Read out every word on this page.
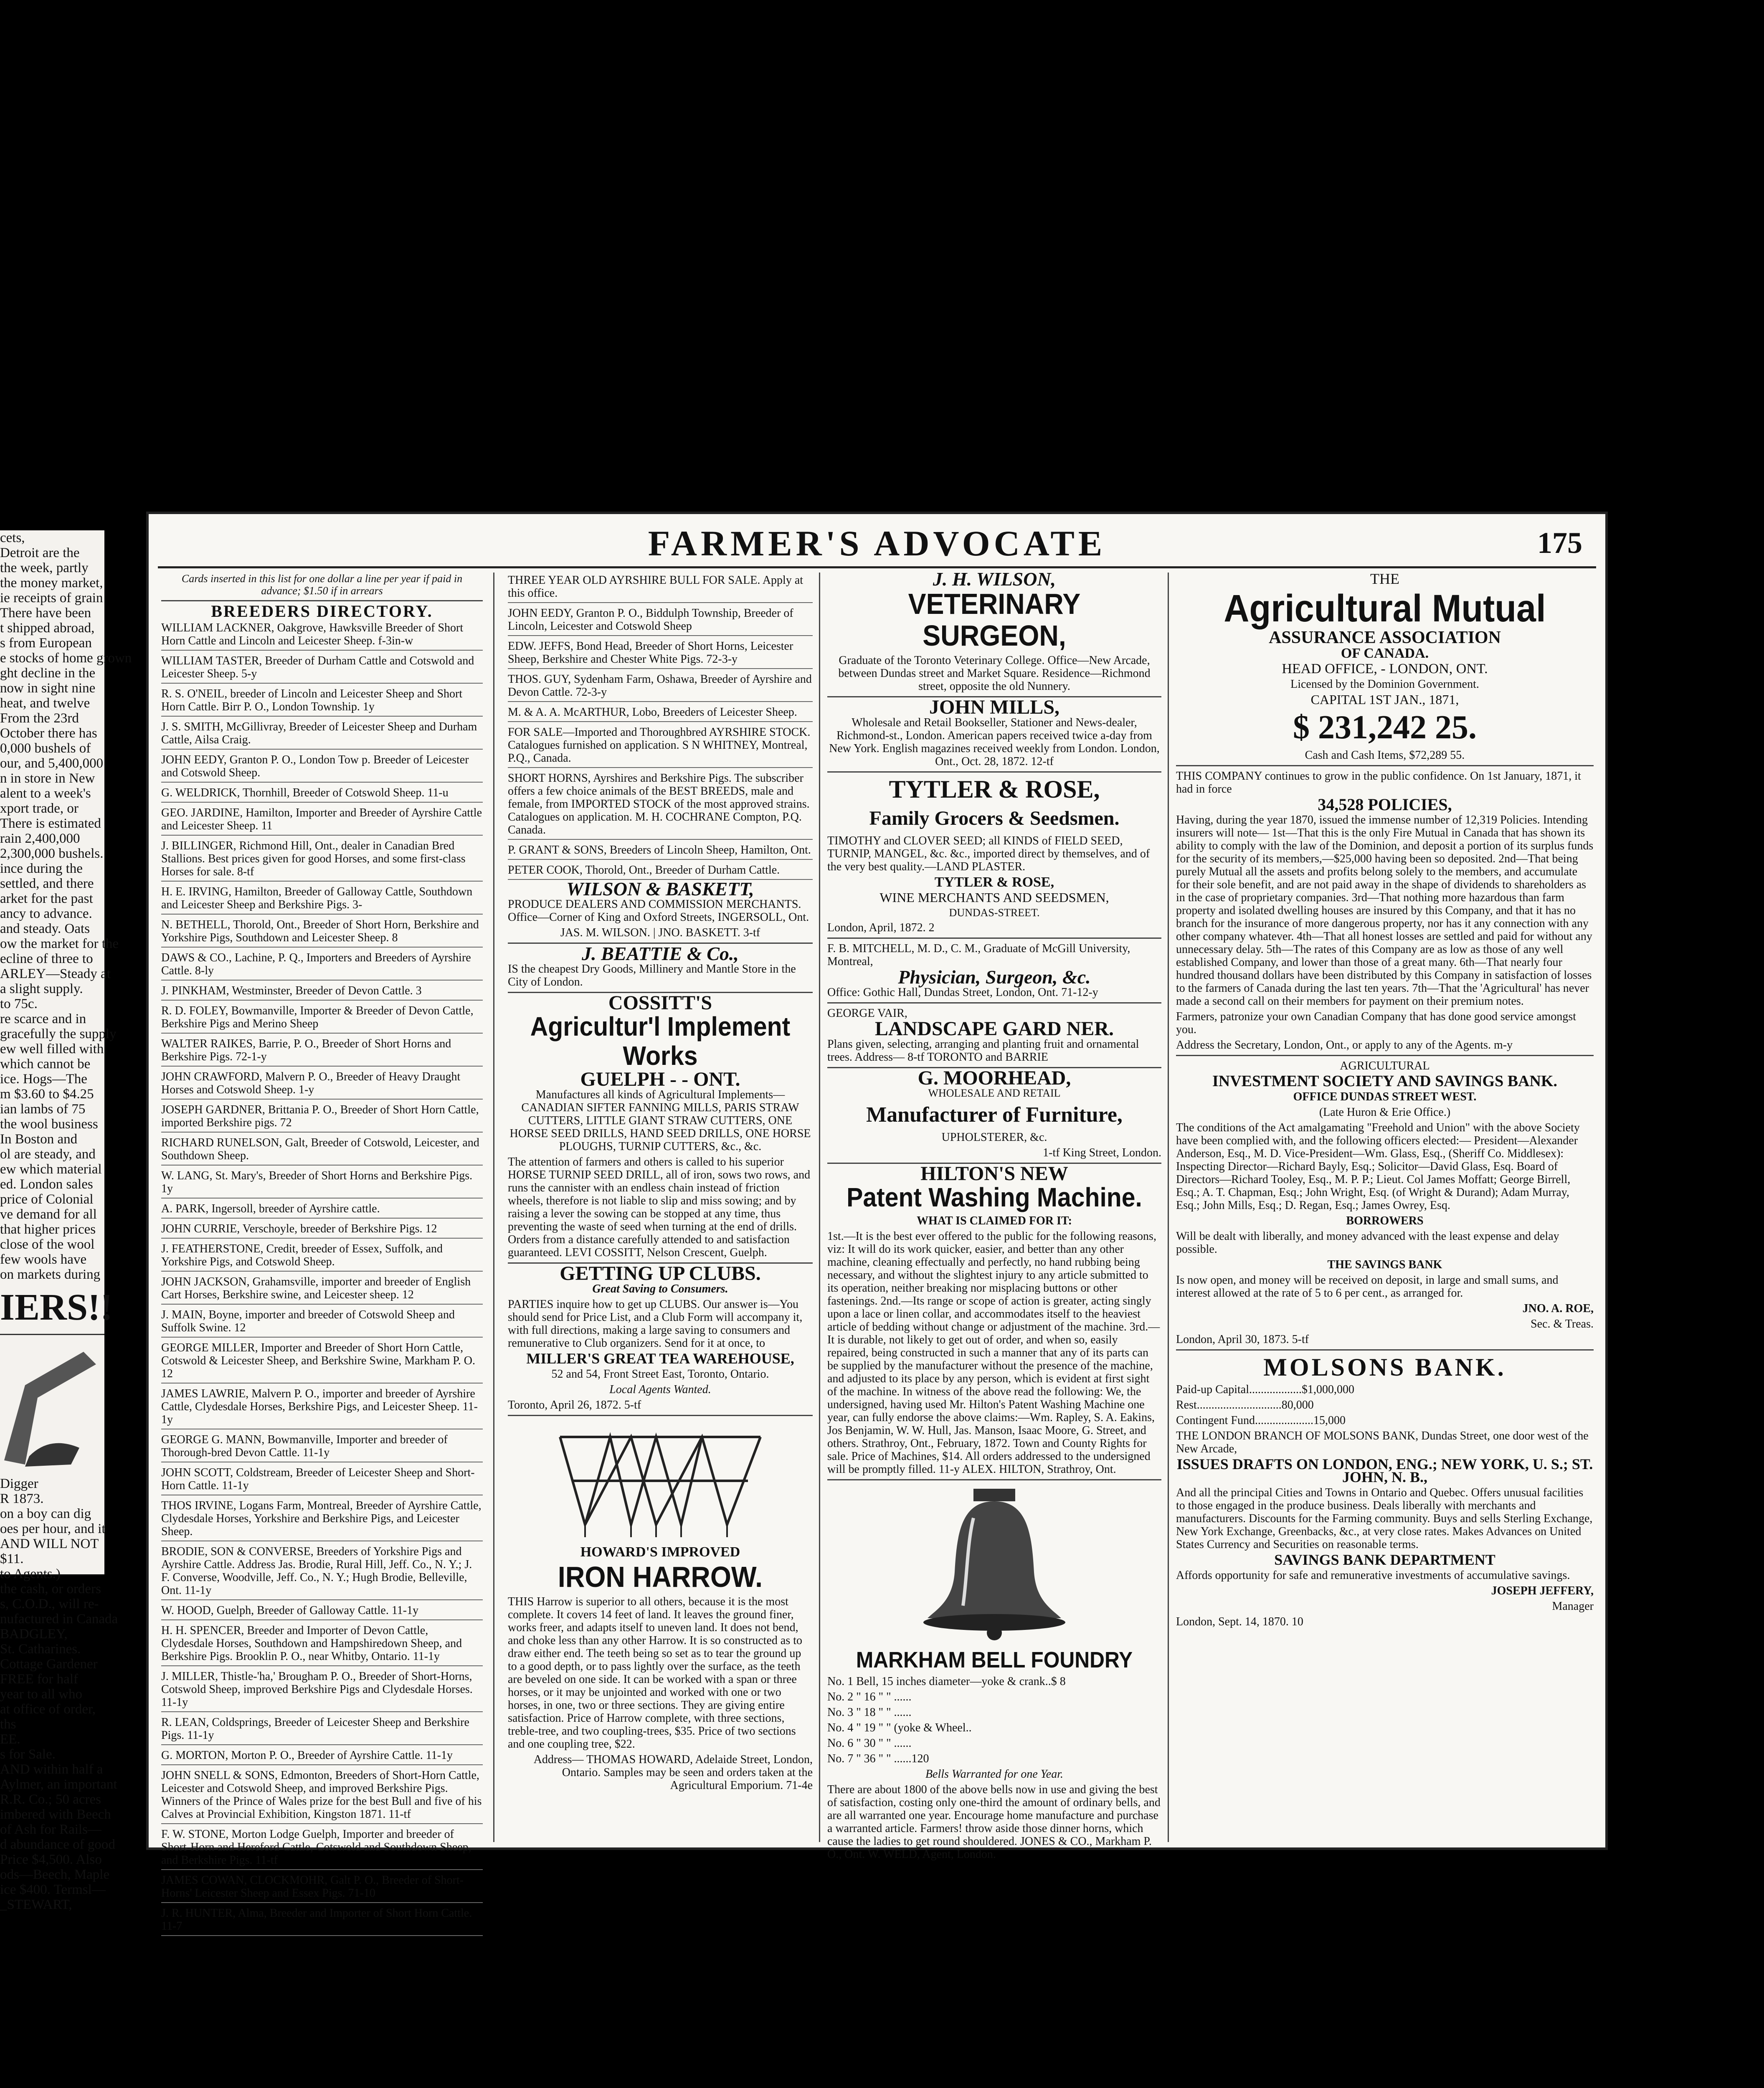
cets,

Detroit are the

the week, partly

the money market,

ie receipts of grain

There have been

t shipped abroad,

s from European

e stocks of home grown

ght decline in the

now in sight nine

heat, and twelve

From the 23rd

October there has

0,000 bushels of

our, and 5,400,000

n in store in New

alent to a week's

xport trade, or

There is estimated

rain 2,400,000

2,300,000 bushels.

ince during the

settled, and there

arket for the past

ancy to advance.

and steady. Oats

ow the market for the

ecline of three to

ARLEY—Steady at

a slight supply.

to 75c.

re scarce and in

gracefully the supply

ew well filled with

which cannot be

ice. Hogs—The

m $3.60 to $4.25

ian lambs of 75

the wool business

In Boston and

ol are steady, and

ew which material

ed. London sales

price of Colonial

ve demand for all

that higher prices

close of the wool

few wools have

on markets during

IERS!!

Digger

R 1873.

on a boy can dig

oes per hour, and it

AND WILL NOT

$11.

to Agents.)

the cash, or orders

s, C.O.D., will re-

nufactured in Canada

BADGLEY,

St. Catharines.

Cottage Gardener

FREE for half

year to all who

at office of order,

ths

EE.

s for Sale.

AND within half a

Aylmer, an important

R.R. Co.; 50 acres

imbered with Beech

of Ash for Rails—

d abundance of good

Price $4,500. Also

ods—Beech, Maple

ice $400. Termsl—

_STEWART,

FARMER'S ADVOCATE	175

Cards inserted in this list for one dollar a line per year if paid in advance; $1.50 if in arrears

BREEDERS DIRECTORY.

WILLIAM LACKNER, Oakgrove, Hawksville Breeder of Short Horn Cattle and Lincoln and Leicester Sheep. f-3in-w

WILLIAM TASTER, Breeder of Durham Cattle and Cotswold and Leicester Sheep. 5-y

R. S. O'NEIL, breeder of Lincoln and Leicester Sheep and Short Horn Cattle. Birr P. O., London Township. 1y

J. S. SMITH, McGillivray, Breeder of Leicester Sheep and Durham Cattle, Ailsa Craig.

JOHN EEDY, Granton P. O., London Tow p. Breeder of Leicester and Cotswold Sheep.

G. WELDRICK, Thornhill, Breeder of Cotswold Sheep. 11-u

GEO. JARDINE, Hamilton, Importer and Breeder of Ayrshire Cattle and Leicester Sheep. 11

J. BILLINGER, Richmond Hill, Ont., dealer in Canadian Bred Stallions. Best prices given for good Horses, and some first-class Horses for sale. 8-tf

H. E. IRVING, Hamilton, Breeder of Galloway Cattle, Southdown and Leicester Sheep and Berkshire Pigs. 3-

N. BETHELL, Thorold, Ont., Breeder of Short Horn, Berkshire and Yorkshire Pigs, Southdown and Leicester Sheep. 8

DAWS & CO., Lachine, P. Q., Importers and Breeders of Ayrshire Cattle. 8-ly

J. PINKHAM, Westminster, Breeder of Devon Cattle. 3

R. D. FOLEY, Bowmanville, Importer & Breeder of Devon Cattle, Berkshire Pigs and Merino Sheep

WALTER RAIKES, Barrie, P. O., Breeder of Short Horns and Berkshire Pigs. 72-1-y

JOHN CRAWFORD, Malvern P. O., Breeder of Heavy Draught Horses and Cotswold Sheep. 1-y

JOSEPH GARDNER, Brittania P. O., Breeder of Short Horn Cattle, imported Berkshire pigs. 72

RICHARD RUNELSON, Galt, Breeder of Cotswold, Leicester, and Southdown Sheep.

W. LANG, St. Mary's, Breeder of Short Horns and Berkshire Pigs. 1y

A. PARK, Ingersoll, breeder of Ayrshire cattle.

JOHN CURRIE, Verschoyle, breeder of Berkshire Pigs. 12

J. FEATHERSTONE, Credit, breeder of Essex, Suffolk, and Yorkshire Pigs, and Cotswold Sheep.

JOHN JACKSON, Grahamsville, importer and breeder of English Cart Horses, Berkshire swine, and Leicester sheep. 12

J. MAIN, Boyne, importer and breeder of Cotswold Sheep and Suffolk Swine. 12

GEORGE MILLER, Importer and Breeder of Short Horn Cattle, Cotswold & Leicester Sheep, and Berkshire Swine, Markham P. O. 12

JAMES LAWRIE, Malvern P. O., importer and breeder of Ayrshire Cattle, Clydesdale Horses, Berkshire Pigs, and Leicester Sheep. 11-1y

GEORGE G. MANN, Bowmanville, Importer and breeder of Thorough-bred Devon Cattle. 11-1y

JOHN SCOTT, Coldstream, Breeder of Leicester Sheep and Short-Horn Cattle. 11-1y

THOS IRVINE, Logans Farm, Montreal, Breeder of Ayrshire Cattle, Clydesdale Horses, Yorkshire and Berkshire Pigs, and Leicester Sheep.

BRODIE, SON & CONVERSE, Breeders of Yorkshire Pigs and Ayrshire Cattle. Address Jas. Brodie, Rural Hill, Jeff. Co., N. Y.; J. F. Converse, Woodville, Jeff. Co., N. Y.; Hugh Brodie, Belleville, Ont. 11-1y

W. HOOD, Guelph, Breeder of Galloway Cattle. 11-1y

H. H. SPENCER, Breeder and Importer of Devon Cattle, Clydesdale Horses, Southdown and Hampshiredown Sheep, and Berkshire Pigs. Brooklin P. O., near Whitby, Ontario. 11-1y

J. MILLER, Thistle-'ha,' Brougham P. O., Breeder of Short-Horns, Cotswold Sheep, improved Berkshire Pigs and Clydesdale Horses. 11-1y

R. LEAN, Coldsprings, Breeder of Leicester Sheep and Berkshire Pigs. 11-1y

G. MORTON, Morton P. O., Breeder of Ayrshire Cattle. 11-1y

JOHN SNELL & SONS, Edmonton, Breeders of Short-Horn Cattle, Leicester and Cotswold Sheep, and improved Berkshire Pigs. Winners of the Prince of Wales prize for the best Bull and five of his Calves at Provincial Exhibition, Kingston 1871. 11-tf

F. W. STONE, Morton Lodge Guelph, Importer and breeder of Short-Horn and Hereford Cattle, Cotswold and Southdown Sheep, and Berkshire Pigs. 11-tf

JAMES COWAN, CLOCKMOHR, Galt P. O., Breeder of Short-Horns' Leicester Sheep and Essex Pigs. 71-10

J. R. HUNTER, Alma, Breeder and Importer of Short Horn Cattle. 11-7

THREE YEAR OLD AYRSHIRE BULL FOR SALE. Apply at this office.

JOHN EEDY, Granton P. O., Biddulph Township, Breeder of Lincoln, Leicester and Cotswold Sheep

EDW. JEFFS, Bond Head, Breeder of Short Horns, Leicester Sheep, Berkshire and Chester White Pigs. 72-3-y

THOS. GUY, Sydenham Farm, Oshawa, Breeder of Ayrshire and Devon Cattle. 72-3-y

M. & A. A. McARTHUR, Lobo, Breeders of Leicester Sheep.

FOR SALE—Imported and Thoroughbred AYRSHIRE STOCK. Catalogues furnished on application. S N WHITNEY, Montreal, P.Q., Canada.

SHORT HORNS, Ayrshires and Berkshire Pigs. The subscriber offers a few choice animals of the BEST BREEDS, male and female, from IMPORTED STOCK of the most approved strains. Catalogues on application. M. H. COCHRANE Compton, P.Q. Canada.

P. GRANT & SONS, Breeders of Lincoln Sheep, Hamilton, Ont.

PETER COOK, Thorold, Ont., Breeder of Durham Cattle.

WILSON & BASKETT,

PRODUCE DEALERS AND COMMISSION MERCHANTS. Office—Corner of King and Oxford Streets, INGERSOLL, Ont.

JAS. M. WILSON. | JNO. BASKETT. 3-tf

J. BEATTIE & Co.,

IS the cheapest Dry Goods, Millinery and Mantle Store in the City of London.

COSSITT'S

Agricultur'l Implement Works

GUELPH - - ONT.

Manufactures all kinds of Agricultural Implements— CANADIAN SIFTER FANNING MILLS, PARIS STRAW CUTTERS, LITTLE GIANT STRAW CUTTERS, ONE HORSE SEED DRILLS, HAND SEED DRILLS, ONE HORSE PLOUGHS, TURNIP CUTTERS, &c., &c.

The attention of farmers and others is called to his superior HORSE TURNIP SEED DRILL, all of iron, sows two rows, and runs the cannister with an endless chain instead of friction wheels, therefore is not liable to slip and miss sowing; and by raising a lever the sowing can be stopped at any time, thus preventing the waste of seed when turning at the end of drills. Orders from a distance carefully attended to and satisfaction guaranteed. LEVI COSSITT, Nelson Crescent, Guelph.

GETTING UP CLUBS.

Great Saving to Consumers.

PARTIES inquire how to get up CLUBS. Our answer is—You should send for Price List, and a Club Form will accompany it, with full directions, making a large saving to consumers and remunerative to Club organizers. Send for it at once, to

MILLER'S GREAT TEA WAREHOUSE,

52 and 54, Front Street East, Toronto, Ontario.

Local Agents Wanted.

Toronto, April 26, 1872. 5-tf

HOWARD'S IMPROVED

IRON HARROW.

THIS Harrow is superior to all others, because it is the most complete. It covers 14 feet of land. It leaves the ground finer, works freer, and adapts itself to uneven land. It does not bend, and choke less than any other Harrow. It is so constructed as to draw either end. The teeth being so set as to tear the ground up to a good depth, or to pass lightly over the surface, as the teeth are beveled on one side. It can be worked with a span or three horses, or it may be unjointed and worked with one or two horses, in one, two or three sections. They are giving entire satisfaction. Price of Harrow complete, with three sections, treble-tree, and two coupling-trees, $35. Price of two sections and one coupling tree, $22.

Address— THOMAS HOWARD, Adelaide Street, London, Ontario. Samples may be seen and orders taken at the Agricultural Emporium. 71-4e

J. H. WILSON,

VETERINARY SURGEON,

Graduate of the Toronto Veterinary College. Office—New Arcade, between Dundas street and Market Square. Residence—Richmond street, opposite the old Nunnery.

JOHN MILLS,

Wholesale and Retail Bookseller, Stationer and News-dealer, Richmond-st., London. American papers received twice a-day from New York. English magazines received weekly from London. London, Ont., Oct. 28, 1872. 12-tf

TYTLER & ROSE,

Family Grocers & Seedsmen.

TIMOTHY and CLOVER SEED; all KINDS of FIELD SEED, TURNIP, MANGEL, &c. &c., imported direct by themselves, and of the very best quality.—LAND PLASTER.

TYTLER & ROSE,

WINE MERCHANTS AND SEEDSMEN,

DUNDAS-STREET.

London, April, 1872. 2

F. B. MITCHELL, M. D., C. M., Graduate of McGill University, Montreal,

Physician, Surgeon, &c.

Office: Gothic Hall, Dundas Street, London, Ont. 71-12-y

GEORGE VAIR,

LANDSCAPE GARD NER.

Plans given, selecting, arranging and planting fruit and ornamental trees. Address— 8-tf TORONTO and BARRIE

G. MOORHEAD,

WHOLESALE AND RETAIL

Manufacturer of Furniture,

UPHOLSTERER, &c.

1-tf King Street, London.

HILTON'S NEW

Patent Washing Machine.

WHAT IS CLAIMED FOR IT:

1st.—It is the best ever offered to the public for the following reasons, viz: It will do its work quicker, easier, and better than any other machine, cleaning effectually and perfectly, no hand rubbing being necessary, and without the slightest injury to any article submitted to its operation, neither breaking nor misplacing buttons or other fastenings. 2nd.—Its range or scope of action is greater, acting singly upon a lace or linen collar, and accommodates itself to the heaviest article of bedding without change or adjustment of the machine. 3rd.—It is durable, not likely to get out of order, and when so, easily repaired, being constructed in such a manner that any of its parts can be supplied by the manufacturer without the presence of the machine, and adjusted to its place by any person, which is evident at first sight of the machine. In witness of the above read the following: We, the undersigned, having used Mr. Hilton's Patent Washing Machine one year, can fully endorse the above claims:—Wm. Rapley, S. A. Eakins, Jos Benjamin, W. W. Hull, Jas. Manson, Isaac Moore, G. Street, and others. Strathroy, Ont., February, 1872. Town and County Rights for sale. Price of Machines, $14. All orders addressed to the undersigned will be promptly filled. 11-y ALEX. HILTON, Strathroy, Ont.

MARKHAM BELL FOUNDRY

No. 1 Bell, 15 inches diameter—yoke & crank..$ 8

No. 2 " 16 " " ......

No. 3 " 18 " " ......

No. 4 " 19 " " (yoke & Wheel..

No. 6 " 30 " " ......

No. 7 " 36 " " ......120

Bells Warranted for one Year.

There are about 1800 of the above bells now in use and giving the best of satisfaction, costing only one-third the amount of ordinary bells, and are all warranted one year. Encourage home manufacture and purchase a warranted article. Farmers! throw aside those dinner horns, which cause the ladies to get round shouldered. JONES & CO., Markham P. O., Ont. W. WELD, Agent, London.

THE

Agricultural Mutual

ASSURANCE ASSOCIATION

OF CANADA.

HEAD OFFICE, - LONDON, ONT.

Licensed by the Dominion Government.

CAPITAL 1ST JAN., 1871,

$ 231,242 25.

Cash and Cash Items, $72,289 55.

THIS COMPANY continues to grow in the public confidence. On 1st January, 1871, it had in force

34,528 POLICIES,

Having, during the year 1870, issued the immense number of 12,319 Policies. Intending insurers will note— 1st—That this is the only Fire Mutual in Canada that has shown its ability to comply with the law of the Dominion, and deposit a portion of its surplus funds for the security of its members,—$25,000 having been so deposited. 2nd—That being purely Mutual all the assets and profits belong solely to the members, and accumulate for their sole benefit, and are not paid away in the shape of dividends to shareholders as in the case of proprietary companies. 3rd—That nothing more hazardous than farm property and isolated dwelling houses are insured by this Company, and that it has no branch for the insurance of more dangerous property, nor has it any connection with any other company whatever. 4th—That all honest losses are settled and paid for without any unnecessary delay. 5th—The rates of this Company are as low as those of any well established Company, and lower than those of a great many. 6th—That nearly four hundred thousand dollars have been distributed by this Company in satisfaction of losses to the farmers of Canada during the last ten years. 7th—That the 'Agricultural' has never made a second call on their members for payment on their premium notes.

Farmers, patronize your own Canadian Company that has done good service amongst you.

Address the Secretary, London, Ont., or apply to any of the Agents. m-y

AGRICULTURAL

INVESTMENT SOCIETY AND SAVINGS BANK.

OFFICE DUNDAS STREET WEST.

(Late Huron & Erie Office.)

The conditions of the Act amalgamating "Freehold and Union" with the above Society have been complied with, and the following officers elected:— President—Alexander Anderson, Esq., M. D. Vice-President—Wm. Glass, Esq., (Sheriff Co. Middlesex): Inspecting Director—Richard Bayly, Esq.; Solicitor—David Glass, Esq. Board of Directors—Richard Tooley, Esq., M. P. P.; Lieut. Col James Moffatt; George Birrell, Esq.; A. T. Chapman, Esq.; John Wright, Esq. (of Wright & Durand); Adam Murray, Esq.; John Mills, Esq.; D. Regan, Esq.; James Owrey, Esq.

BORROWERS

Will be dealt with liberally, and money advanced with the least expense and delay possible.

THE SAVINGS BANK

Is now open, and money will be received on deposit, in large and small sums, and interest allowed at the rate of 5 to 6 per cent., as arranged for.

JNO. A. ROE,

Sec. & Treas.

London, April 30, 1873. 5-tf

MOLSONS BANK.

Paid-up Capital..................$1,000,000

Rest.............................80,000

Contingent Fund....................15,000

THE LONDON BRANCH OF MOLSONS BANK, Dundas Street, one door west of the New Arcade,

ISSUES DRAFTS ON LONDON, ENG.; NEW YORK, U. S.; ST. JOHN, N. B.,

And all the principal Cities and Towns in Ontario and Quebec. Offers unusual facilities to those engaged in the produce business. Deals liberally with merchants and manufacturers. Discounts for the Farming community. Buys and sells Sterling Exchange, New York Exchange, Greenbacks, &c., at very close rates. Makes Advances on United States Currency and Securities on reasonable terms.

SAVINGS BANK DEPARTMENT

Affords opportunity for safe and remunerative investments of accumulative savings.

JOSEPH JEFFERY,

Manager

London, Sept. 14, 1870. 10
